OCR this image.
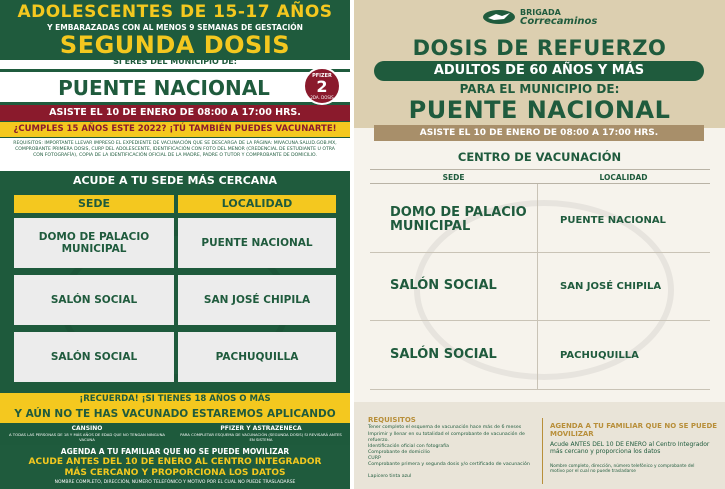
ADOLESCENTES DE 15-17 AÑOS
Y EMBARAZADAS CON AL MENOS 9 SEMANAS DE GESTACIÓN
SEGUNDA DOSIS
SI ERES DEL MUNICIPIO DE:
PUENTE NACIONAL	PFIZER
2
2DA. DOSIS
ASISTE EL 10 DE ENERO DE 08:00 A 17:00 HRS.
¿CUMPLES 15 AÑOS ESTE 2022? ¡TÚ TAMBIÉN PUEDES VACUNARTE!
REQUISITOS: IMPORTANTE LLEVAR IMPRESO EL EXPEDIENTE DE VACUNACIÓN QUE SE DESCARGA DE LA PÁGINA: MIVACUNA.SALUD.GOB.MX, COMPROBANTE PRIMERA DOSIS, CURP DEL ADOLESCENTE, IDENTIFICACIÓN CON FOTO DEL MENOR (CREDENCIAL DE ESTUDIANTE U OTRA CON FOTOGRAFÍA), COPIA DE LA IDENTIFICACIÓN OFICIAL DE LA MADRE, PADRE O TUTOR Y COMPROBANTE DE DOMICILIO.
ACUDE A TU SEDE MÁS CERCANA
SEDE	LOCALIDAD
DOMO DE PALACIO MUNICIPAL	PUENTE NACIONAL
SALÓN SOCIAL	SAN JOSÉ CHIPILA
SALÓN SOCIAL	PACHUQUILLA
¡RECUERDA! ¡SI TIENES 18 AÑOS O MÁS
Y AÚN NO TE HAS VACUNADO ESTAREMOS APLICANDO
CANSINO
A TODAS LAS PERSONAS DE 18 Y MÁS AÑOS DE EDAD QUE NO TENGAN NINGUNA VACUNA
PFIZER Y ASTRAZENECA
PARA COMPLETAR ESQUEMA DE VACUNACIÓN (SEGUNDA DOSIS) SI REVISARÁ ANTES EN SISTEMA
AGENDA A TU FAMILIAR QUE NO SE PUEDE MOVILIZAR
ACUDE ANTES DEL 10 DE ENERO AL CENTRO INTEGRADOR
MÁS CERCANO Y PROPORCIONA LOS DATOS
NOMBRE COMPLETO, DIRECCIÓN, NÚMERO TELEFÓNICO Y MOTIVO POR EL CUAL NO PUEDE TRASLADARSE
BRIGADA
Correcaminos
DOSIS DE REFUERZO
ADULTOS DE 60 AÑOS Y MÁS
PARA EL MUNICIPIO DE:
PUENTE NACIONAL
ASISTE EL 10 DE ENERO DE 08:00 A 17:00 HRS.
CENTRO DE VACUNACIÓN
SEDE	LOCALIDAD
DOMO DE PALACIO MUNICIPAL	PUENTE NACIONAL
SALÓN SOCIAL	SAN JOSÉ CHIPILA
SALÓN SOCIAL	PACHUQUILLA
REQUISITOS
Tener completo el esquema de vacunación hace más de 6 meses
Imprimir y llenar en su totalidad el comprobante de vacunación de refuerzo.
Identificación oficial con fotografía
Comprobante de domicilio
CURP
Comprobante primera y segunda dosis y/o certificado de vacunación
Lapicero tinta azul
AGENDA A TU FAMILIAR QUE NO SE PUEDE MOVILIZAR
Acude ANTES DEL 10 DE ENERO al Centro Integrador más cercano y proporciona los datos
Nombre completo, dirección, número telefónico y comprobante del motivo por el cual no puede trasladarse
